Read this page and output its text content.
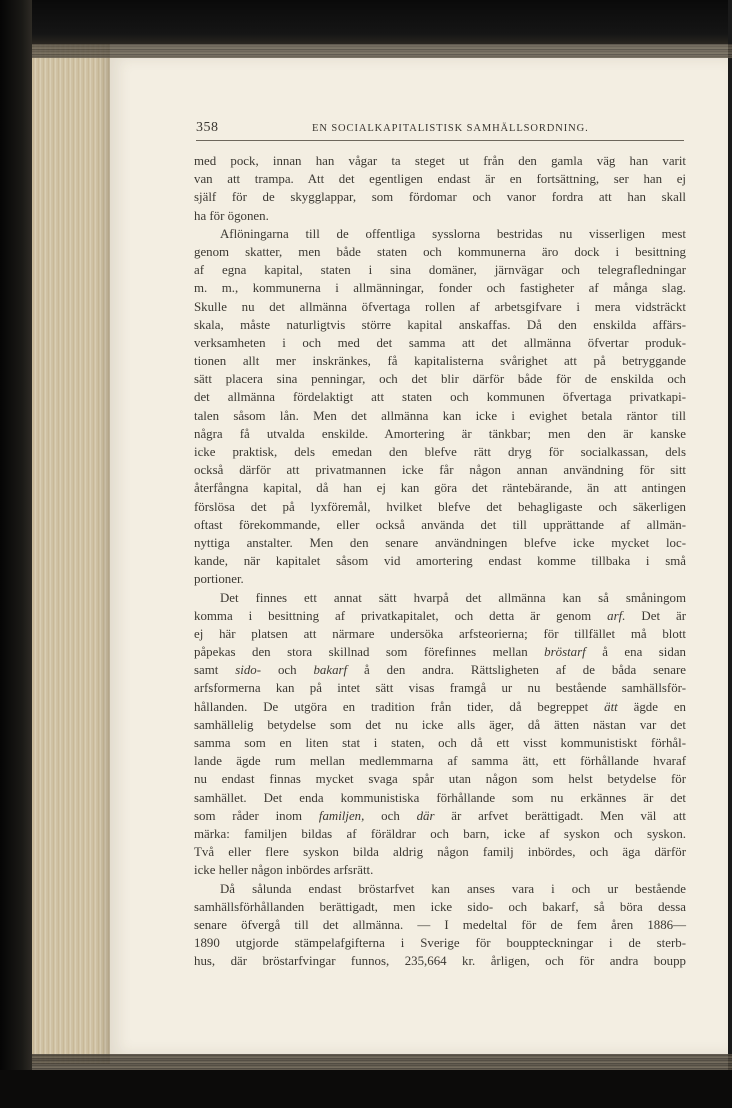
358	EN SOCIALKAPITALISTISK SAMHÄLLSORDNING.
med pock, innan han vågar ta steget ut från den gamla väg han varit
van att trampa. Att det egentligen endast är en fortsättning, ser han ej
själf för de skygglappar, som fördomar och vanor fordra att han skall
ha för ögonen.
Aflöningarna till de offentliga sysslorna bestridas nu visserligen mest
genom skatter, men både staten och kommunerna äro dock i besittning
af egna kapital, staten i sina domäner, järnvägar och telegrafledningar
m. m., kommunerna i allmänningar, fonder och fastigheter af många slag.
Skulle nu det allmänna öfvertaga rollen af arbetsgifvare i mera vidsträckt
skala, måste naturligtvis större kapital anskaffas. Då den enskilda affärs-
verksamheten i och med det samma att det allmänna öfvertar produk-
tionen allt mer inskränkes, få kapitalisterna svårighet att på betryggande
sätt placera sina penningar, och det blir därför både för de enskilda och
det allmänna fördelaktigt att staten och kommunen öfvertaga privatkapi-
talen såsom lån. Men det allmänna kan icke i evighet betala räntor till
några få utvalda enskilde. Amortering är tänkbar; men den är kanske
icke praktisk, dels emedan den blefve rätt dryg för socialkassan, dels
också därför att privatmannen icke får någon annan användning för sitt
återfångna kapital, då han ej kan göra det räntebärande, än att antingen
förslösa det på lyxföremål, hvilket blefve det behagligaste och säkerligen
oftast förekommande, eller också använda det till upprättande af allmän-
nyttiga anstalter. Men den senare användningen blefve icke mycket loc-
kande, när kapitalet såsom vid amortering endast komme tillbaka i små
portioner.
Det finnes ett annat sätt hvarpå det allmänna kan så småningom
komma i besittning af privatkapitalet, och detta är genom arf. Det är
ej här platsen att närmare undersöka arfsteorierna; för tillfället må blott
påpekas den stora skillnad som förefinnes mellan bröstarf å ena sidan
samt sido- och bakarf å den andra. Rättsligheten af de båda senare
arfsformerna kan på intet sätt visas framgå ur nu bestående samhällsför-
hållanden. De utgöra en tradition från tider, då begreppet ätt ägde en
samhällelig betydelse som det nu icke alls äger, då ätten nästan var det
samma som en liten stat i staten, och då ett visst kommunistiskt förhål-
lande ägde rum mellan medlemmarna af samma ätt, ett förhållande hvaraf
nu endast finnas mycket svaga spår utan någon som helst betydelse för
samhället. Det enda kommunistiska förhållande som nu erkännes är det
som råder inom familjen, och där är arfvet berättigadt. Men väl att
märka: familjen bildas af föräldrar och barn, icke af syskon och syskon.
Två eller flere syskon bilda aldrig någon familj inbördes, och äga därför
icke heller någon inbördes arfsrätt.
Då sålunda endast bröstarfvet kan anses vara i och ur bestående
samhällsförhållanden berättigadt, men icke sido- och bakarf, så böra dessa
senare öfvergå till det allmänna. — I medeltal för de fem åren 1886—
1890 utgjorde stämpelafgifterna i Sverige för bouppteckningar i de sterb-
hus, där bröstarfvingar funnos, 235,664 kr. årligen, och för andra boupp
